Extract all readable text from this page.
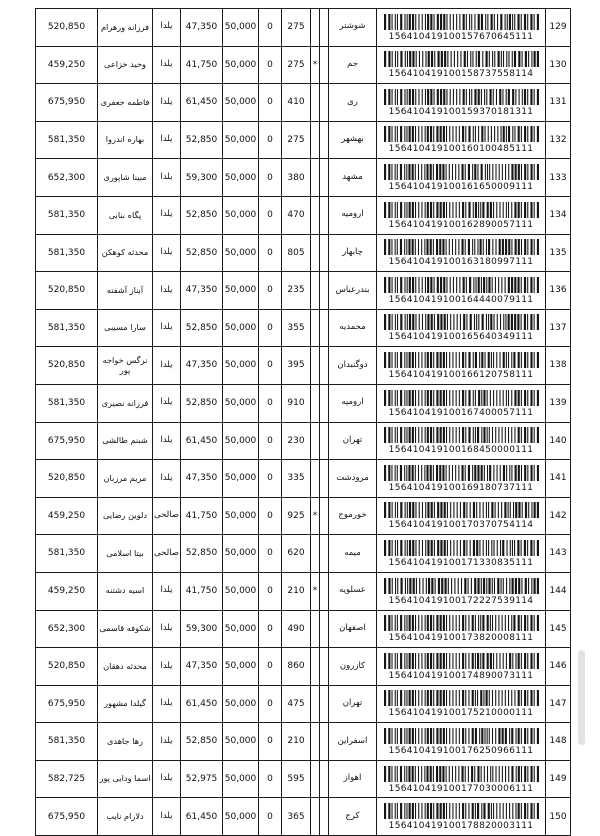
520,850	فرزانه ورهرام	يلدا	47,350	50,000	0	275			شوشتر	156410419100157670645111	129
459,250	وحيد خزاعی	يلدا	41,750	50,000	0	275	*		جم	156410419100158737558114	130
675,950	فاطمه جعفری	يلدا	61,450	50,000	0	410			ری	156410419100159370181311	131
581,350	بهاره اندروا	يلدا	52,850	50,000	0	275			بهشهر	156410419100160100485111	132
652,300	مبينا شاپوری	يلدا	59,300	50,000	0	380			مشهد	156410419100161650009111	133
581,350	پگاه بنابی	يلدا	52,850	50,000	0	470			اروميه	156410419100162890057111	134
581,350	محدثه كوهكن	يلدا	52,850	50,000	0	805			چابهار	156410419100163180997111	135
520,850	آيناز آشفته	يلدا	47,350	50,000	0	235			بندرعباس	156410419100164440079111	136
581,350	سارا مسيبی	يلدا	52,850	50,000	0	355			محمديه	156410419100165640349111	137
520,850	نرگس خواجه پور	يلدا	47,350	50,000	0	395			دوگنبدان	156410419100166120758111	138
581,350	فرزانه نصيری	يلدا	52,850	50,000	0	910			اروميه	156410419100167400057111	139
675,950	شبنم طالشی	يلدا	61,450	50,000	0	230			تهران	156410419100168450000111	140
520,850	مريم مرزبان	يلدا	47,350	50,000	0	335			مرودشت	156410419100169180737111	141
459,250	دلوين رضايی	صالحی	41,750	50,000	0	925	*		خورموج	156410419100170370754114	142
581,350	بيتا اسلامی	صالحی	52,850	50,000	0	620			ميمه	156410419100171330835111	143
459,250	اسيه دشتنه	يلدا	41,750	50,000	0	210	*		عسلويه	156410419100172227539114	144
652,300	شكوفه قاسمی	يلدا	59,300	50,000	0	490			اصفهان	156410419100173820008111	145
520,850	محدثه دهقان	يلدا	47,350	50,000	0	860			كازرون	156410419100174890073111	146
675,950	گيلدا مشهور	يلدا	61,450	50,000	0	475			تهران	156410419100175210000111	147
581,350	رها جاهدی	يلدا	52,850	50,000	0	210			اسفراين	156410419100176250966111	148
582,725	اسما ودايی پور	يلدا	52,975	50,000	0	595			اهواز	156410419100177030006111	149
675,950	دلارام نايب	يلدا	61,450	50,000	0	365			كرج	156410419100178820003111	150
